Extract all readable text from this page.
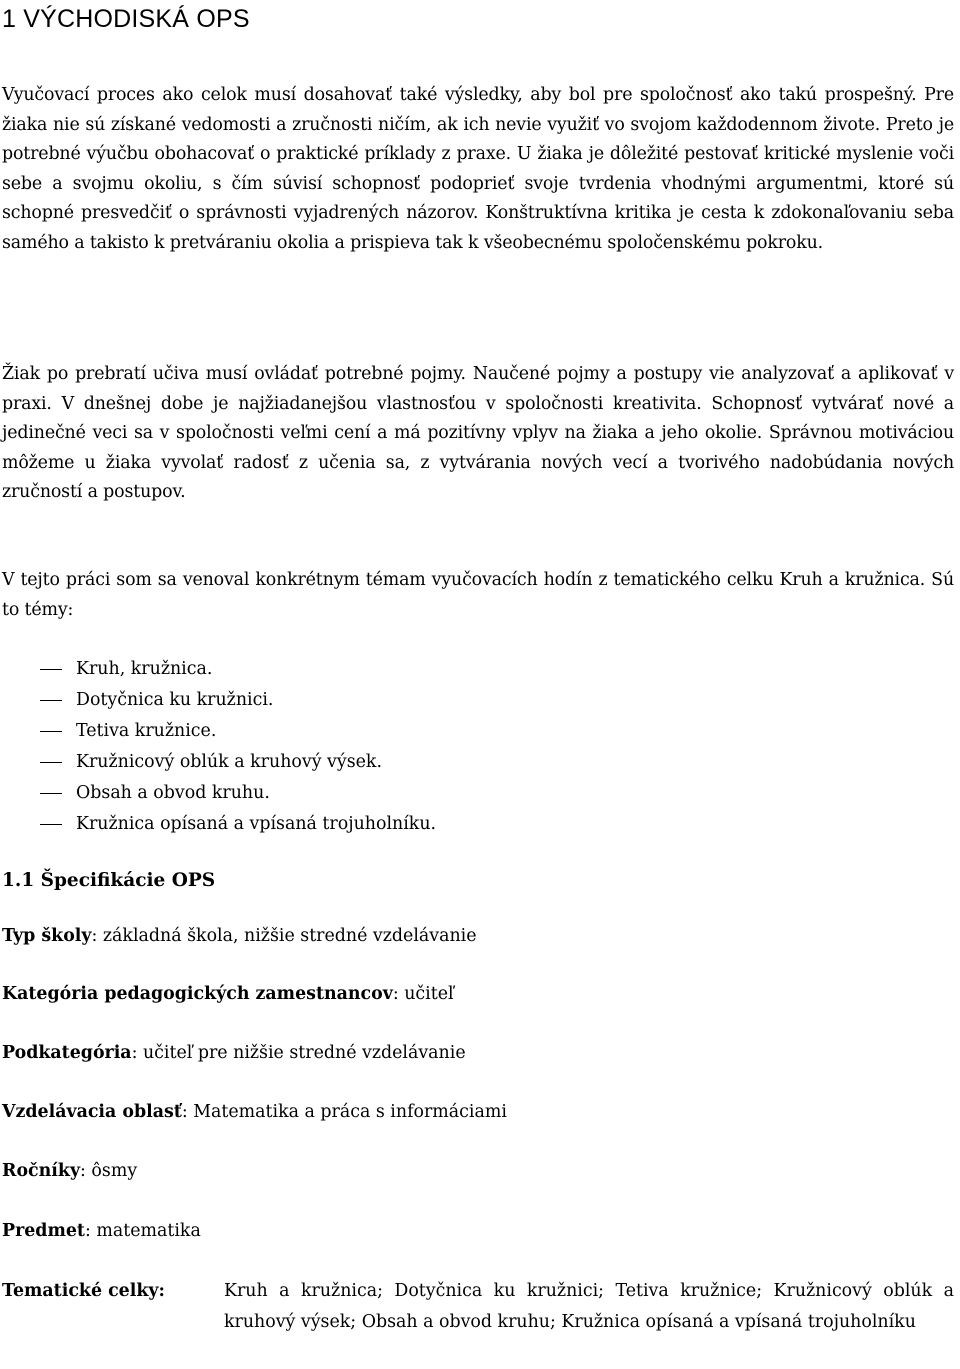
1 VÝCHODISKÁ OPS

Vyučovací proces ako celok musí dosahovať také výsledky, aby bol pre spoločnosť ako takú prospešný. Pre žiaka nie sú získané vedomosti a zručnosti ničím, ak ich nevie využiť vo svojom každodennom živote. Preto je potrebné výučbu obohacovať o praktické príklady z praxe. U žiaka je dôležité pestovať kritické myslenie voči sebe a svojmu okoliu, s čím súvisí schopnosť podoprieť svoje tvrdenia vhodnými argumentmi, ktoré sú schopné presvedčiť o správnosti vyjadrených názorov. Konštruktívna kritika je cesta k zdokonaľovaniu seba samého a takisto k pretváraniu okolia a prispieva tak k všeobecnému spoločenskému pokroku.

Žiak po prebratí učiva musí ovládať potrebné pojmy. Naučené pojmy a postupy vie analyzovať a aplikovať v praxi. V dnešnej dobe je najžiadanejšou vlastnosťou v spoločnosti kreativita. Schopnosť vytvárať nové a jedinečné veci sa v spoločnosti veľmi cení a má pozitívny vplyv na žiaka a jeho okolie. Správnou motiváciou môžeme u žiaka vyvolať radosť z učenia sa, z vytvárania nových vecí a tvorivého nadobúdania nových zručností a postupov.

V tejto práci som sa venoval konkrétnym témam vyučovacích hodín z tematického celku Kruh a kružnica. Sú to témy:

Kruh, kružnica.
Dotyčnica ku kružnici.
Tetiva kružnice.
Kružnicový oblúk a kruhový výsek.
Obsah a obvod kruhu.
Kružnica opísaná a vpísaná trojuholníku.
1.1 Špecifikácie OPS

Typ školy: základná škola, nižšie stredné vzdelávanie

Kategória pedagogických zamestnancov: učiteľ

Podkategória: učiteľ pre nižšie stredné vzdelávanie

Vzdelávacia oblasť: Matematika a práca s informáciami

Ročníky: ôsmy

Predmet: matematika

Tematické celky:	Kruh a kružnica; Dotyčnica ku kružnici; Tetiva kružnice; Kružnicový oblúk a kruhový výsek; Obsah a obvod kruhu; Kružnica opísaná a vpísaná trojuholníku
